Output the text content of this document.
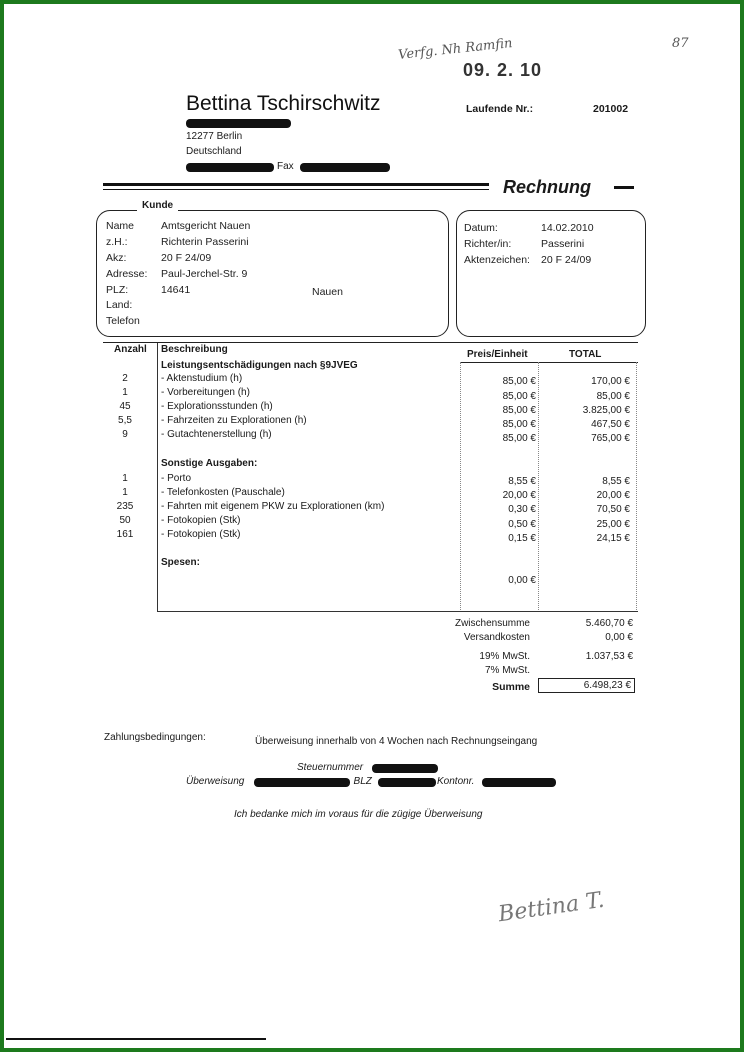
Verfg. Nh Ramfin	87
09. 2. 10
Bettina Tschirschwitz
12277 Berlin
Deutschland
Fax
Laufende Nr.:	201002
Rechnung
Kunde
Name	Amtsgericht Nauen
z.H.:	Richterin Passerini
Akz:	20 F 24/09
Adresse: Paul-Jerchel-Str. 9
PLZ:	14641	Nauen
Land:
Telefon
Datum:	14.02.2010
Richter/in:	Passerini
Aktenzeichen: 20 F 24/09
Anzahl Beschreibung	Preis/Einheit	TOTAL
Leistungsentschädigungen nach §9JVEG
2	- Aktenstudium (h)	85,00 €	170,00 €
1	- Vorbereitungen (h)	85,00 €	85,00 €
45	- Explorationsstunden (h)	85,00 €	3.825,00 €
5,5	- Fahrzeiten zu Explorationen (h)	85,00 €	467,50 €
9	- Gutachtenerstellung (h)	85,00 €	765,00 €
Sonstige Ausgaben:
1	- Porto	8,55 €	8,55 €
1	- Telefonkosten (Pauschale)	20,00 €	20,00 €
235	- Fahrten mit eigenem PKW zu Explorationen (km)	0,30 €	70,50 €
50	- Fotokopien (Stk)	0,50 €	25,00 €
161	- Fotokopien (Stk)	0,15 €	24,15 €
Spesen:
0,00 €
Zwischensumme	5.460,70 €
Versandkosten	0,00 €
19% MwSt.	1.037,53 €
7% MwSt.
Summe	6.498,23 €
Zahlungsbedingungen:	Überweisung innerhalb von 4 Wochen nach Rechnungseingang
Steuernummer
Überweisung	, BLZ	Kontonr.
Ich bedanke mich im voraus für die zügige Überweisung
Bettina T.
